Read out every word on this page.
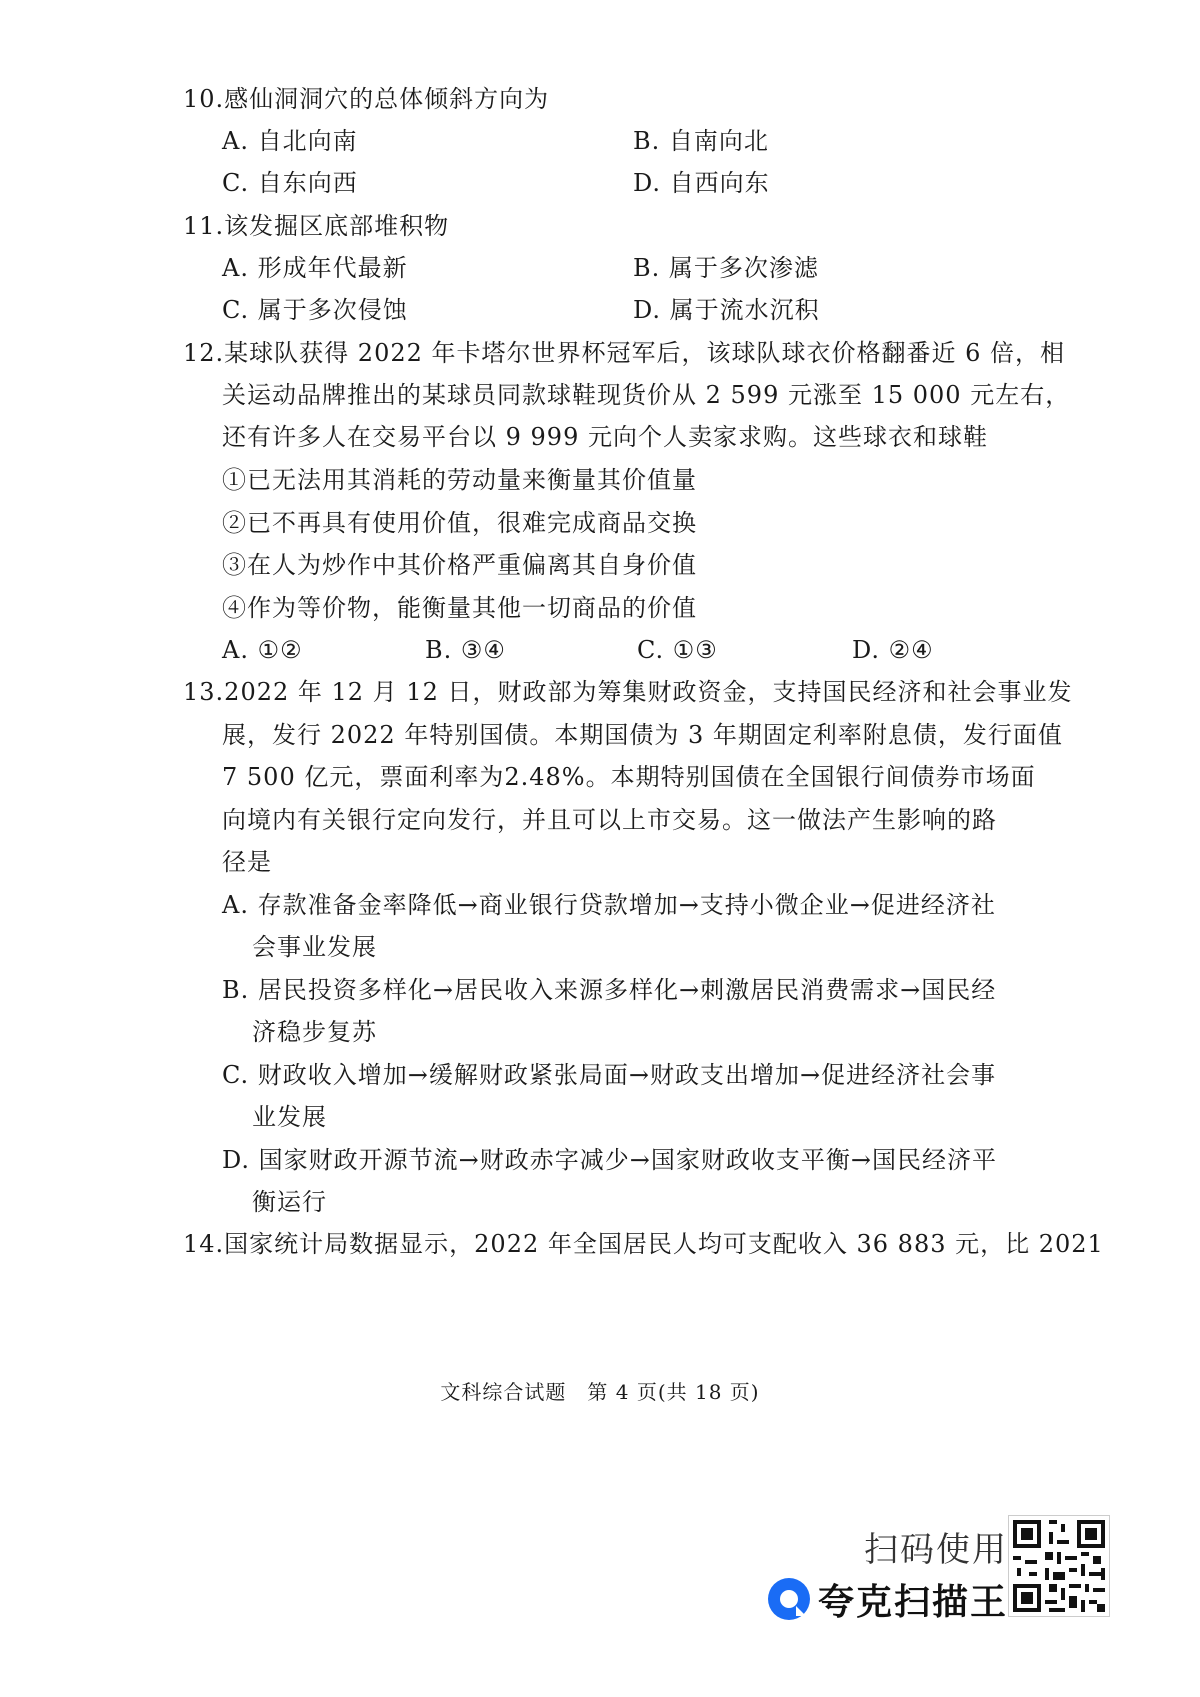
10.感仙洞洞穴的总体倾斜方向为
A. 自北向南	B. 自南向北
C. 自东向西	D. 自西向东
11.该发掘区底部堆积物
A. 形成年代最新	B. 属于多次渗滤
C. 属于多次侵蚀	D. 属于流水沉积
12.某球队获得 2022 年卡塔尔世界杯冠军后，该球队球衣价格翻番近 6 倍，相
关运动品牌推出的某球员同款球鞋现货价从 2 599 元涨至 15 000 元左右，
还有许多人在交易平台以 9 999 元向个人卖家求购。这些球衣和球鞋
①已无法用其消耗的劳动量来衡量其价值量
②已不再具有使用价值，很难完成商品交换
③在人为炒作中其价格严重偏离其自身价值
④作为等价物，能衡量其他一切商品的价值
A. ①②	B. ③④	C. ①③	D. ②④
13.2022 年 12 月 12 日，财政部为筹集财政资金，支持国民经济和社会事业发
展，发行 2022 年特别国债。本期国债为 3 年期固定利率附息债，发行面值
7 500 亿元，票面利率为2.48%。本期特别国债在全国银行间债券市场面
向境内有关银行定向发行，并且可以上市交易。这一做法产生影响的路
径是
A. 存款准备金率降低→商业银行贷款增加→支持小微企业→促进经济社
会事业发展
B. 居民投资多样化→居民收入来源多样化→刺激居民消费需求→国民经
济稳步复苏
C. 财政收入增加→缓解财政紧张局面→财政支出增加→促进经济社会事
业发展
D. 国家财政开源节流→财政赤字减少→国家财政收支平衡→国民经济平
衡运行
14.国家统计局数据显示，2022 年全国居民人均可支配收入 36 883 元，比 2021
文科综合试题　第 4 页(共 18 页)
扫码使用
夸克扫描王
